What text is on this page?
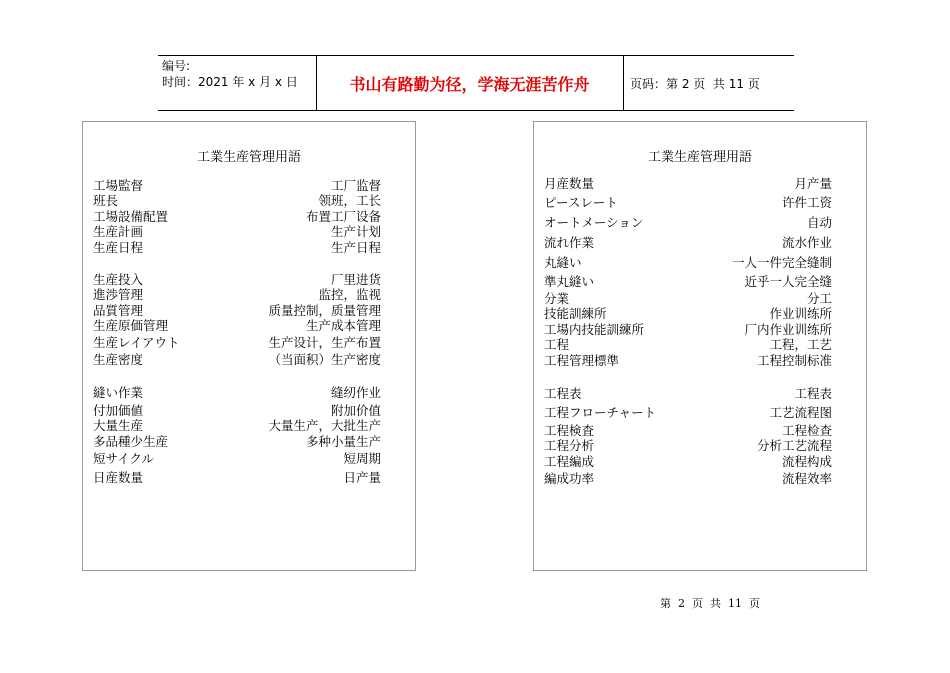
编号:
时间：2021 年 x 月 x 日	书山有路勤为径，学海无涯苦作舟	页码：第 2 页  共 11 页
工業生産管理用語
工場監督	工厂监督
班長	领班，工长
工場設備配置	布置工厂设备
生産計画	生产计划
生産日程	生产日程
生産投入	厂里进货
進渉管理	监控，监视
品質管理	质量控制，质量管理
生産原価管理	生产成本管理
生産レイアウト	生产设计，生产布置
生産密度	（当面积）生产密度
縫い作業	缝纫作业
付加価値	附加价值
大量生産	大量生产，大批生产
多品種少生産	多种小量生产
短サイクル	短周期
日産数量	日产量
工業生産管理用語
月産数量	月产量
ピースレート	许件工资
オートメーション	自动
流れ作業	流水作业
丸縫い	一人一件完全缝制
準丸縫い	近乎一人完全缝
分業	分工
技能訓練所	作业训练所
工場内技能訓練所	厂内作业训练所
工程	工程，工艺
工程管理標準	工程控制标准
工程表	工程表
工程フローチャート	工艺流程图
工程検査	工程检查
工程分析	分析工艺流程
工程編成	流程构成
編成功率	流程效率
第  2  页  共  11  页
